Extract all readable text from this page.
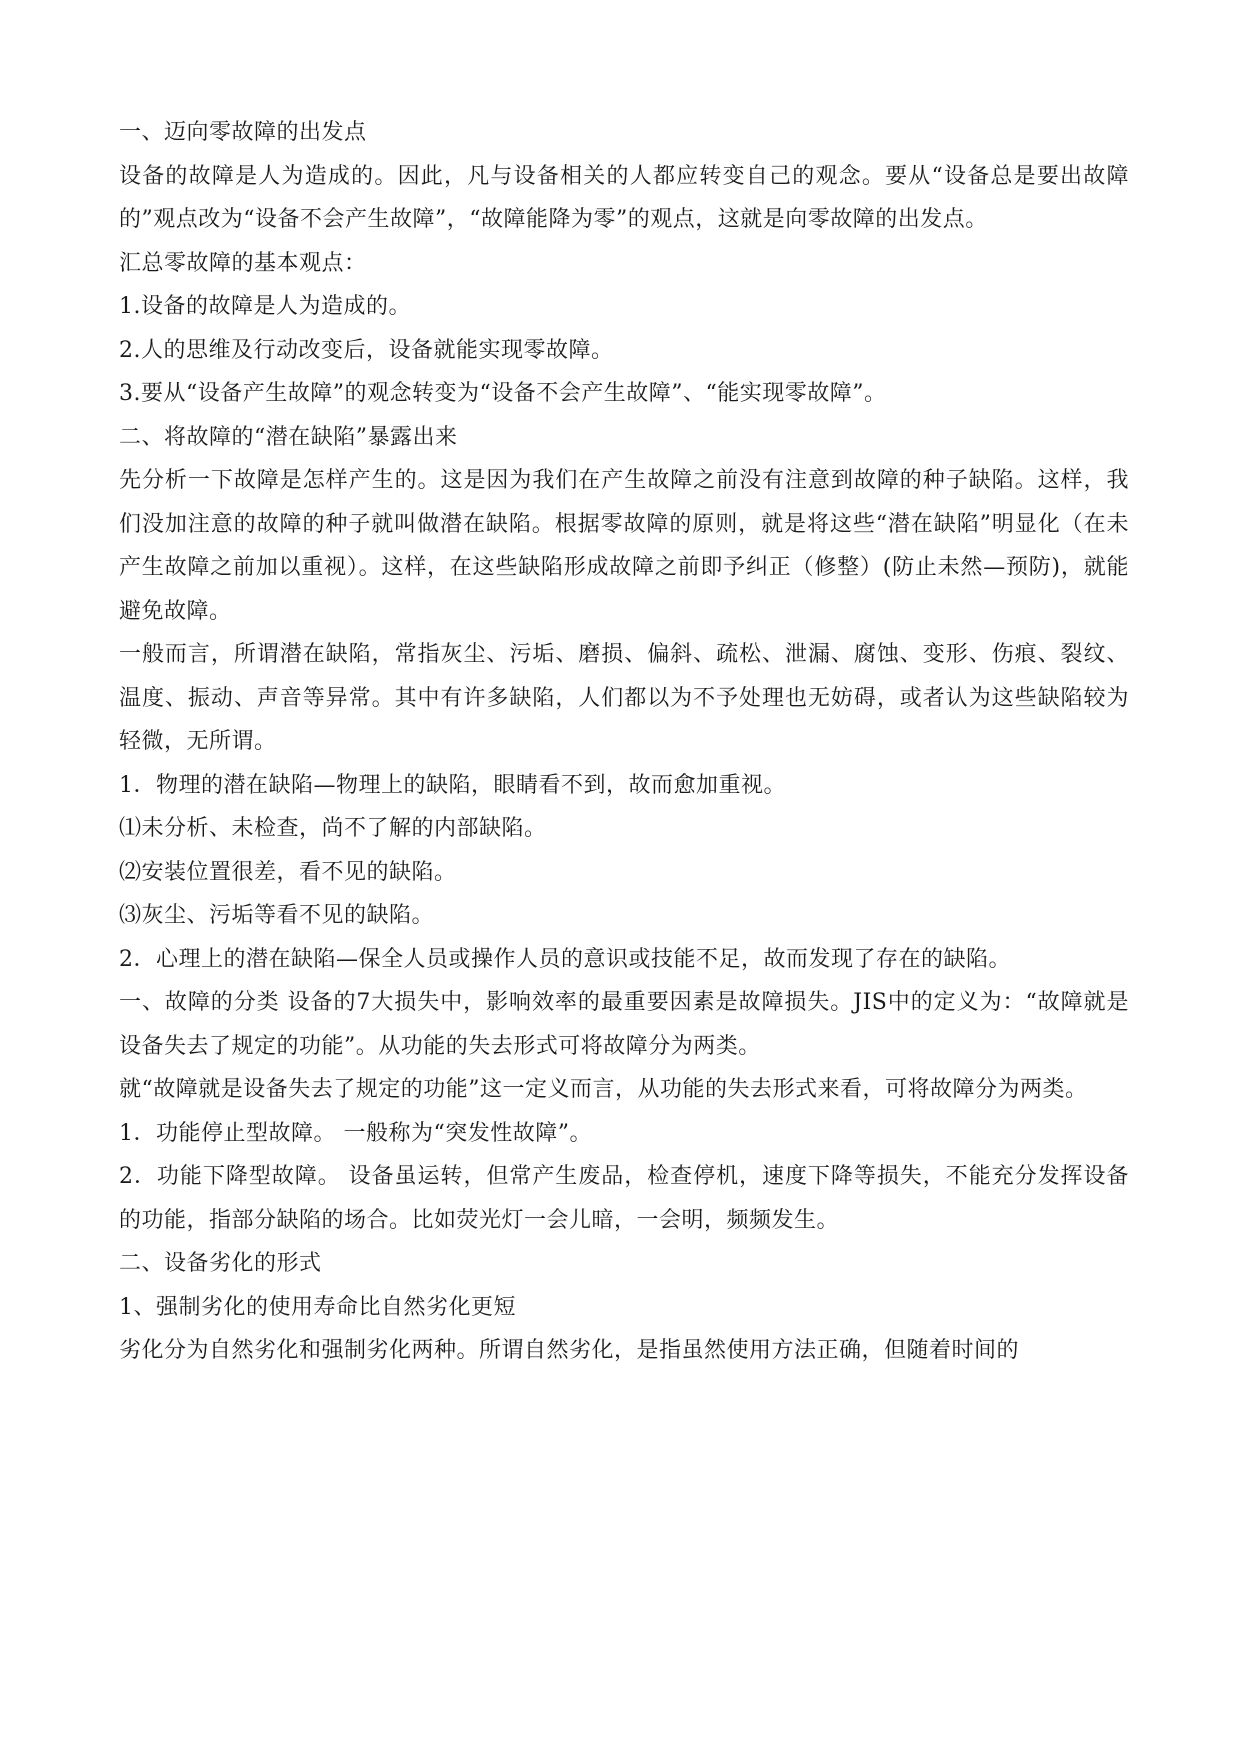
一、迈向零故障的出发点

设备的故障是人为造成的。因此，凡与设备相关的人都应转变自己的观念。要从“设备总是要出故障的”观点改为“设备不会产生故障”，“故障能降为零”的观点，这就是向零故障的出发点。

汇总零故障的基本观点：

1.设备的故障是人为造成的。

2.人的思维及行动改变后，设备就能实现零故障。

3.要从“设备产生故障”的观念转变为“设备不会产生故障”、“能实现零故障”。

二、将故障的“潜在缺陷”暴露出来

先分析一下故障是怎样产生的。这是因为我们在产生故障之前没有注意到故障的种子缺陷。这样，我们没加注意的故障的种子就叫做潜在缺陷。根据零故障的原则，就是将这些“潜在缺陷”明显化（在未产生故障之前加以重视）。这样，在这些缺陷形成故障之前即予纠正（修整）(防止未然—预防)，就能避免故障。

一般而言，所谓潜在缺陷，常指灰尘、污垢、磨损、偏斜、疏松、泄漏、腐蚀、变形、伤痕、裂纹、温度、振动、声音等异常。其中有许多缺陷，人们都以为不予处理也无妨碍，或者认为这些缺陷较为轻微，无所谓。

1．物理的潜在缺陷—物理上的缺陷，眼睛看不到，故而愈加重视。

⑴未分析、未检查，尚不了解的内部缺陷。

⑵安装位置很差，看不见的缺陷。

⑶灰尘、污垢等看不见的缺陷。

2．心理上的潜在缺陷—保全人员或操作人员的意识或技能不足，故而发现了存在的缺陷。

一、故障的分类 设备的7大损失中，影响效率的最重要因素是故障损失。JIS中的定义为：“故障就是设备失去了规定的功能”。从功能的失去形式可将故障分为两类。

就“故障就是设备失去了规定的功能”这一定义而言，从功能的失去形式来看，可将故障分为两类。

1．功能停止型故障。 一般称为“突发性故障”。

2．功能下降型故障。 设备虽运转，但常产生废品，检查停机，速度下降等损失，不能充分发挥设备的功能，指部分缺陷的场合。比如荧光灯一会儿暗，一会明，频频发生。

二、设备劣化的形式

1、强制劣化的使用寿命比自然劣化更短

劣化分为自然劣化和强制劣化两种。所谓自然劣化，是指虽然使用方法正确，但随着时间的
